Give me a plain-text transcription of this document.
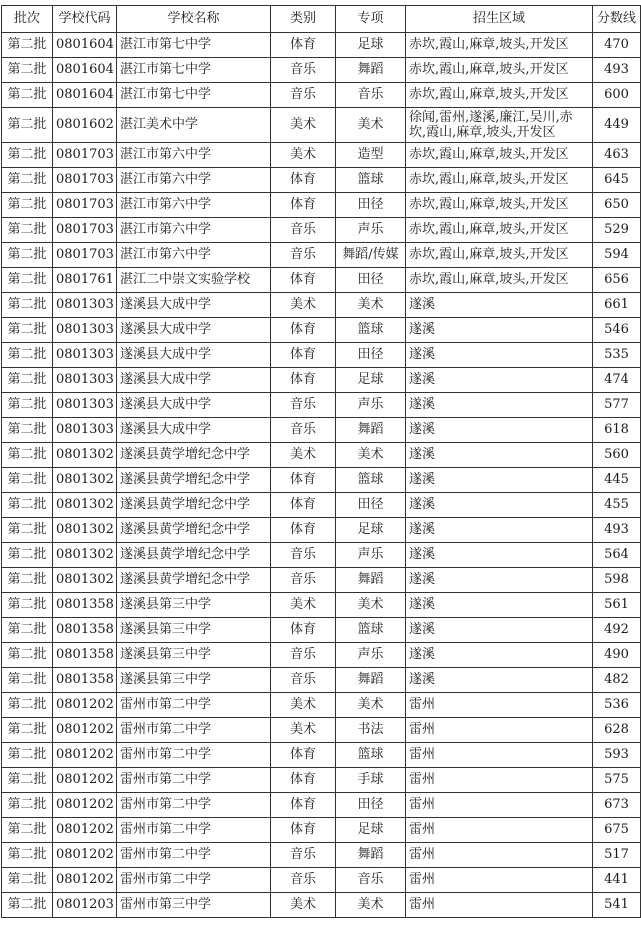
批次	学校代码	学校名称	类别	专项	招生区域	分数线
第二批	0801604	湛江市第七中学	体育	足球	赤坎,霞山,麻章,坡头,开发区	470
第二批	0801604	湛江市第七中学	音乐	舞蹈	赤坎,霞山,麻章,坡头,开发区	493
第二批	0801604	湛江市第七中学	音乐	音乐	赤坎,霞山,麻章,坡头,开发区	600
第二批	0801602	湛江美术中学	美术	美术	徐闻,雷州,遂溪,廉江,吴川,赤坎,霞山,麻章,坡头,开发区	449
第二批	0801703	湛江市第六中学	美术	造型	赤坎,霞山,麻章,坡头,开发区	463
第二批	0801703	湛江市第六中学	体育	篮球	赤坎,霞山,麻章,坡头,开发区	645
第二批	0801703	湛江市第六中学	体育	田径	赤坎,霞山,麻章,坡头,开发区	650
第二批	0801703	湛江市第六中学	音乐	声乐	赤坎,霞山,麻章,坡头,开发区	529
第二批	0801703	湛江市第六中学	音乐	舞蹈/传媒	赤坎,霞山,麻章,坡头,开发区	594
第二批	0801761	湛江二中崇文实验学校	体育	田径	赤坎,霞山,麻章,坡头,开发区	656
第二批	0801303	遂溪县大成中学	美术	美术	遂溪	661
第二批	0801303	遂溪县大成中学	体育	篮球	遂溪	546
第二批	0801303	遂溪县大成中学	体育	田径	遂溪	535
第二批	0801303	遂溪县大成中学	体育	足球	遂溪	474
第二批	0801303	遂溪县大成中学	音乐	声乐	遂溪	577
第二批	0801303	遂溪县大成中学	音乐	舞蹈	遂溪	618
第二批	0801302	遂溪县黄学增纪念中学	美术	美术	遂溪	560
第二批	0801302	遂溪县黄学增纪念中学	体育	篮球	遂溪	445
第二批	0801302	遂溪县黄学增纪念中学	体育	田径	遂溪	455
第二批	0801302	遂溪县黄学增纪念中学	体育	足球	遂溪	493
第二批	0801302	遂溪县黄学增纪念中学	音乐	声乐	遂溪	564
第二批	0801302	遂溪县黄学增纪念中学	音乐	舞蹈	遂溪	598
第二批	0801358	遂溪县第三中学	美术	美术	遂溪	561
第二批	0801358	遂溪县第三中学	体育	篮球	遂溪	492
第二批	0801358	遂溪县第三中学	音乐	声乐	遂溪	490
第二批	0801358	遂溪县第三中学	音乐	舞蹈	遂溪	482
第二批	0801202	雷州市第二中学	美术	美术	雷州	536
第二批	0801202	雷州市第二中学	美术	书法	雷州	628
第二批	0801202	雷州市第二中学	体育	篮球	雷州	593
第二批	0801202	雷州市第二中学	体育	手球	雷州	575
第二批	0801202	雷州市第二中学	体育	田径	雷州	673
第二批	0801202	雷州市第二中学	体育	足球	雷州	675
第二批	0801202	雷州市第二中学	音乐	舞蹈	雷州	517
第二批	0801202	雷州市第二中学	音乐	音乐	雷州	441
第二批	0801203	雷州市第三中学	美术	美术	雷州	541
